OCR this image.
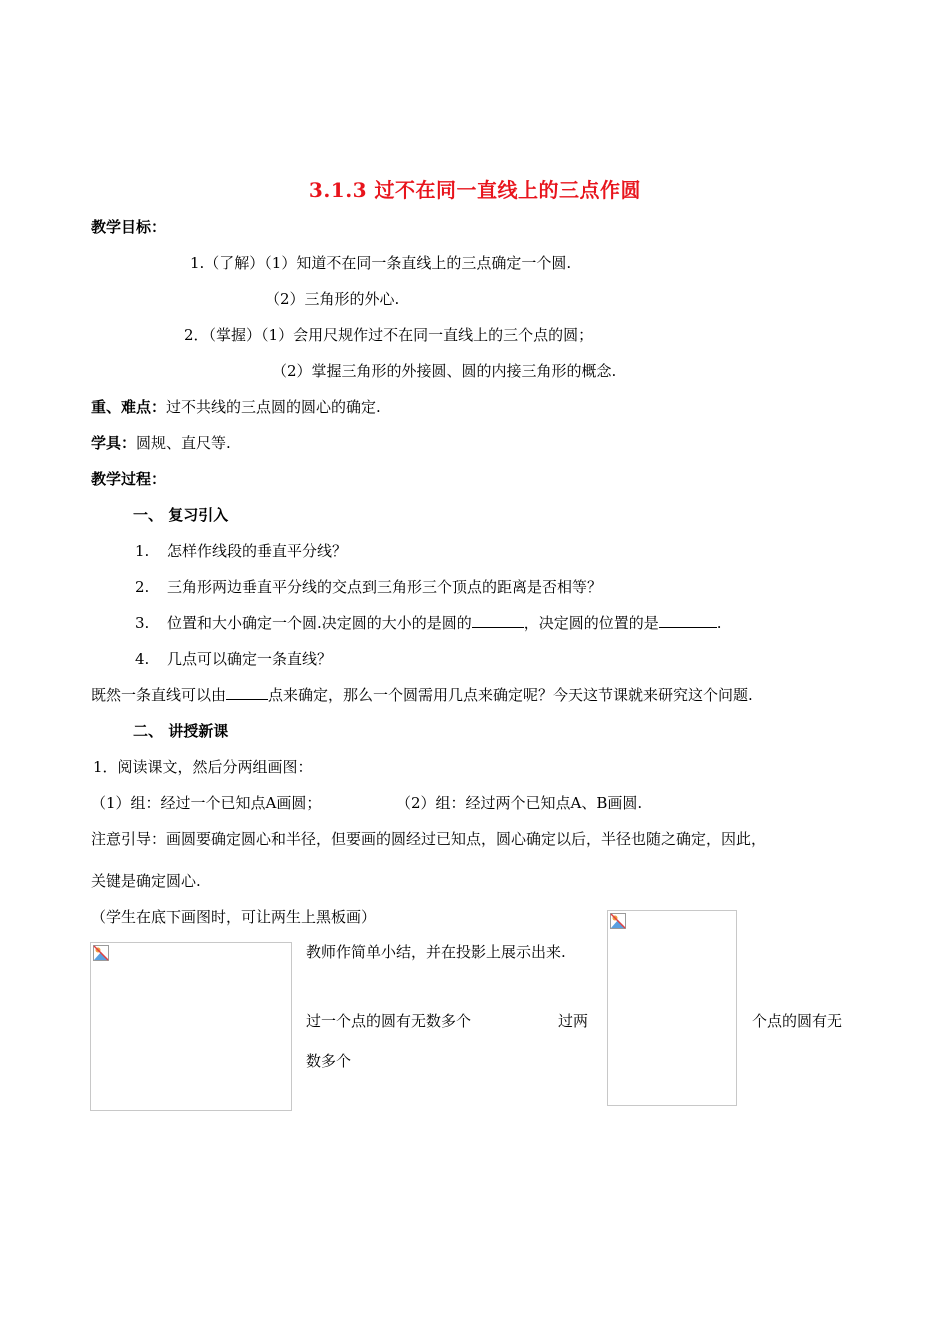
3.1.3 过不在同一直线上的三点作圆
教学目标：
1.（了解）（1）知道不在同一条直线上的三点确定一个圆.
（2）三角形的外心.
2．（掌握）（1）会用尺规作过不在同一直线上的三个点的圆；
（2）掌握三角形的外接圆、圆的内接三角形的概念.
重、难点：过不共线的三点圆的圆心的确定.
学具：圆规、直尺等.
教学过程：
一、 复习引入
1. 怎样作线段的垂直平分线？
2. 三角形两边垂直平分线的交点到三角形三个顶点的距离是否相等？
3. 位置和大小确定一个圆.决定圆的大小的是圆的	，决定圆的位置的是	.
4. 几点可以确定一条直线？
既然一条直线可以由	点来确定，那么一个圆需用几点来确定呢？今天这节课就来研究这个问题.
二、 讲授新课
1．阅读课文，然后分两组画图：
（1）组：经过一个已知点A画圆；	（2）组：经过两个已知点A、B画圆.
注意引导：画圆要确定圆心和半径，但要画的圆经过已知点，圆心确定以后，半径也随之确定，因此，
关键是确定圆心.
（学生在底下画图时，可让两生上黑板画）
教师作简单小结，并在投影上展示出来.
过一个点的圆有无数多个	过两	个点的圆有无
数多个
